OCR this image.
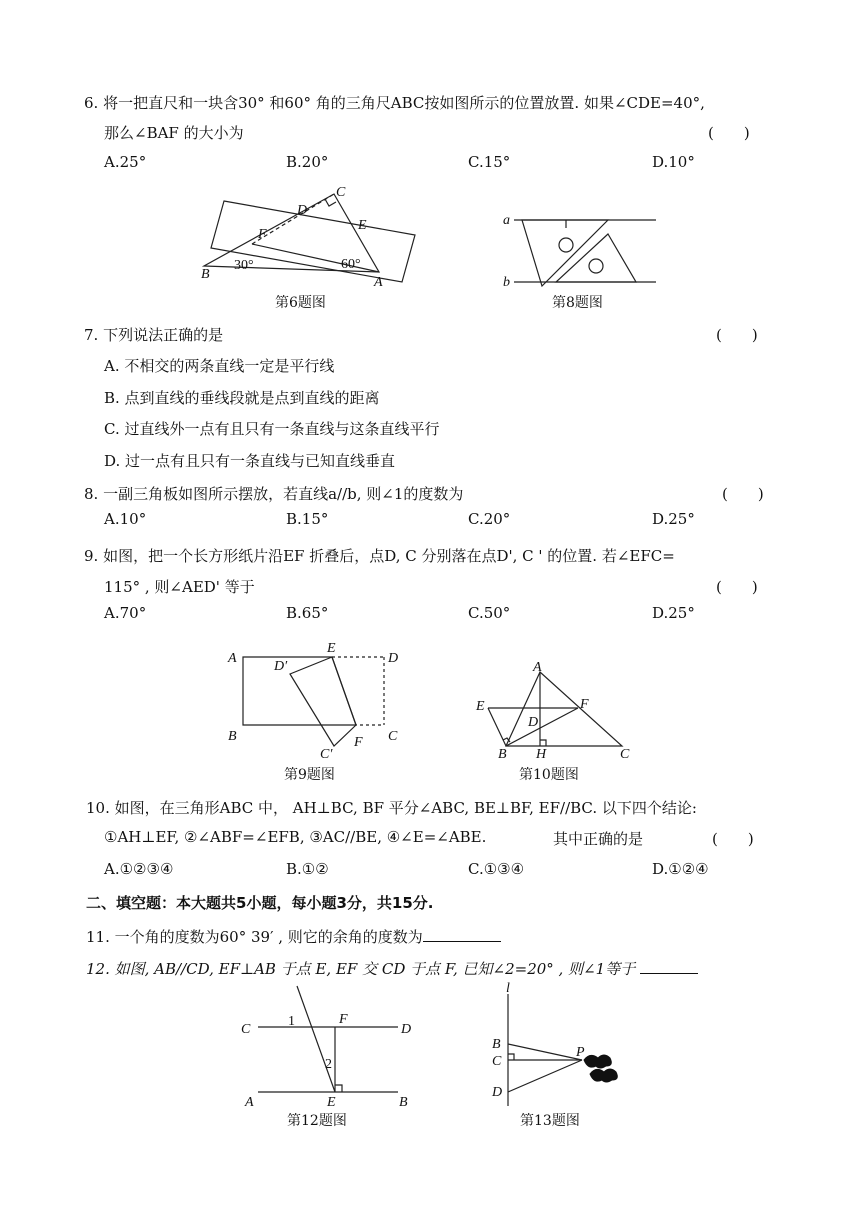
6. 将一把直尺和一块含30° 和60° 角的三角尺ABC按如图所示的位置放置. 如果∠CDE=40°,
那么∠BAF 的大小为	(　　)
A.25°	B.20°	C.15°	D.10°
C
D
E
F
B
A
30°	60°
第6题图
a
b
第8题图
7. 下列说法正确的是	(　　)
A. 不相交的两条直线一定是平行线
B. 点到直线的垂线段就是点到直线的距离
C. 过直线外一点有且只有一条直线与这条直线平行
D. 过一点有且只有一条直线与已知直线垂直
8. 一副三角板如图所示摆放，若直线a//b, 则∠1的度数为	(　　)
A.10°	B.15°	C.20°	D.25°
9. 如图，把一个长方形纸片沿EF 折叠后，点D, C 分别落在点D', C ' 的位置. 若∠EFC=
115° , 则∠AED' 等于	(　　)
A.70°	B.65°	C.50°	D.25°
A
E
D
D′
B
C′
F C
第9题图
A
E	F
D
B H	C
第10题图
10. 如图，在三角形ABC 中， AH⊥BC, BF 平分∠ABC, BE⊥BF, EF//BC. 以下四个结论:
①AH⊥EF, ②∠ABF=∠EFB, ③AC//BE, ④∠E=∠ABE.	其中正确的是	(　　)
A.①②③④	B.①②	C.①③④	D.①②④
二、填空题：本大题共5小题，每小题3分，共15分.
11. 一个角的度数为60° 39′ , 则它的余角的度数为
12. 如图, AB//CD, EF⊥AB 于点 E, EF 交 CD 于点 F, 已知∠2=20° , 则∠1等于
C
F
D
1
2
A	E	B
第12题图
l
B
C
P
D
第13题图
